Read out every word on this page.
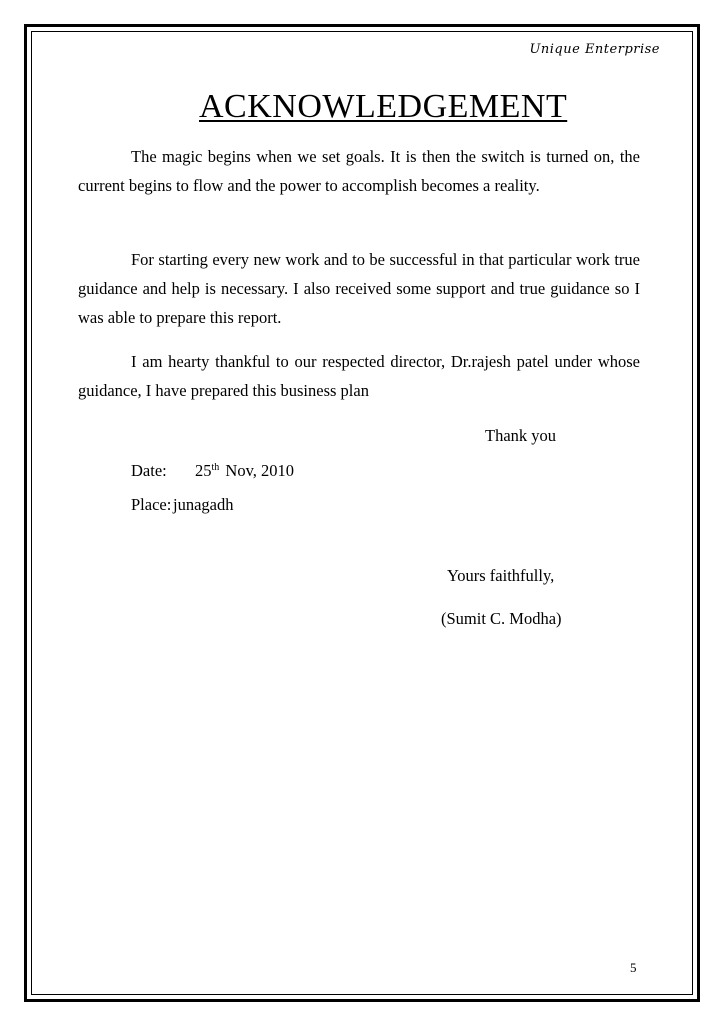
Unique Enterprise
ACKNOWLEDGEMENT
The magic begins when we set goals. It is then the switch is turned on, the current begins to flow and the power to accomplish becomes a reality.
For starting every new work and to be successful in that particular work true guidance and help is necessary. I also received some support and true guidance so I was able to prepare this report.
I am hearty thankful to our respected director, Dr.rajesh patel under whose guidance, I have prepared this business plan
Thank you
Date: 25th Nov, 2010
Place: junagadh
Yours faithfully,
(Sumit C. Modha)
5
